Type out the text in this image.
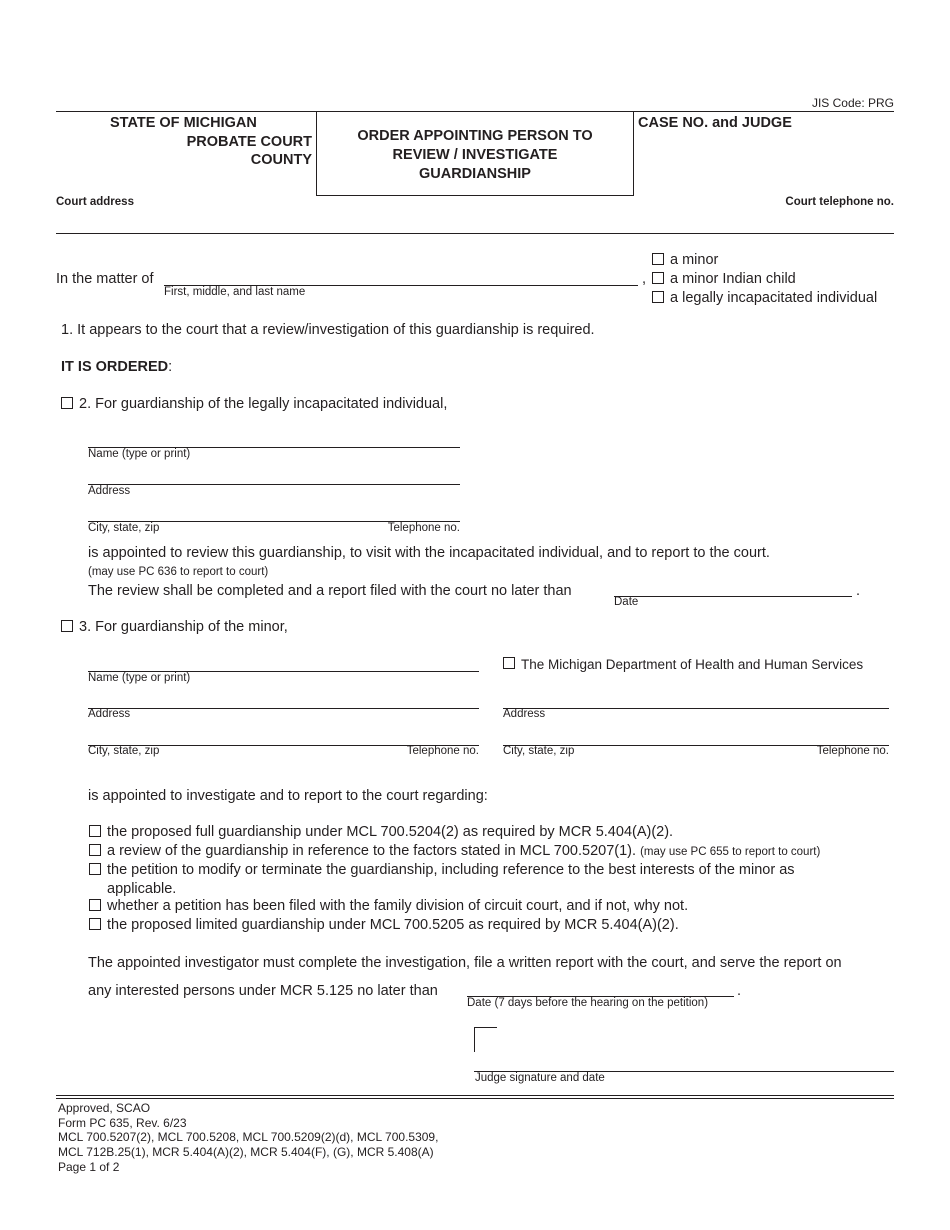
JIS Code: PRG
STATE OF MICHIGAN
PROBATE COURT
COUNTY
ORDER APPOINTING PERSON TO
REVIEW / INVESTIGATE
GUARDIANSHIP
CASE NO. and JUDGE
Court address	Court telephone no.
In the matter of
First, middle, and last name
,
a minor
a minor Indian child
a legally incapacitated individual
1. It appears to the court that a review/investigation of this guardianship is required.
IT IS ORDERED:
2. For guardianship of the legally incapacitated individual,
Name (type or print)
Address
City, state, zip	Telephone no.
is appointed to review this guardianship, to visit with the incapacitated individual, and to report to the court.
(may use PC 636 to report to court)
The review shall be completed and a report filed with the court no later than
Date
.
3. For guardianship of the minor,
Name (type or print)
Address
City, state, zip	Telephone no.
The Michigan Department of Health and Human Services
Address
City, state, zip	Telephone no.
is appointed to investigate and to report to the court regarding:
the proposed full guardianship under MCL 700.5204(2) as required by MCR 5.404(A)(2).
a review of the guardianship in reference to the factors stated in MCL 700.5207(1). (may use PC 655 to report to court)
the petition to modify or terminate the guardianship, including reference to the best interests of the minor as
applicable.
whether a petition has been filed with the family division of circuit court, and if not, why not.
the proposed limited guardianship under MCL 700.5205 as required by MCR 5.404(A)(2).
The appointed investigator must complete the investigation, file a written report with the court, and serve the report on
any interested persons under MCR 5.125 no later than
Date (7 days before the hearing on the petition)
.
Judge signature and date
Approved, SCAO
Form PC 635, Rev. 6/23
MCL 700.5207(2), MCL 700.5208, MCL 700.5209(2)(d), MCL 700.5309,
MCL 712B.25(1), MCR 5.404(A)(2), MCR 5.404(F), (G), MCR 5.408(A)
Page 1 of 2
